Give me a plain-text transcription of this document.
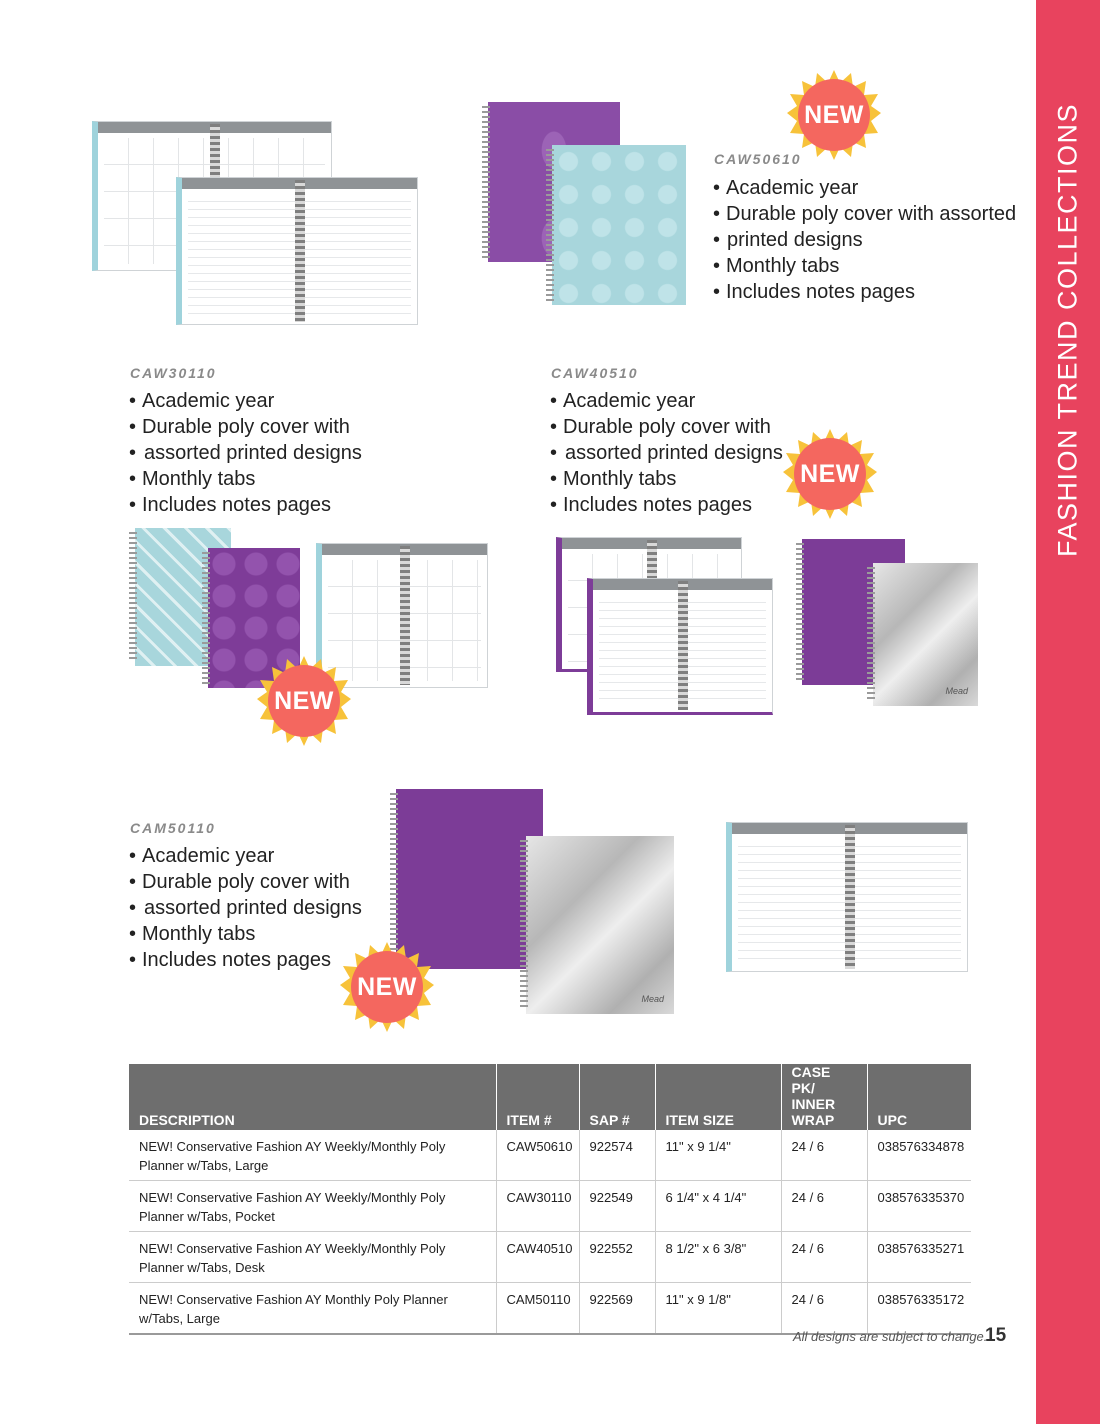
FASHION TREND COLLECTIONS
NEW
CAW50610
• Academic year
• Durable poly cover with assorted
• printed designs
• Monthly tabs
• Includes notes pages
CAW30110
• Academic year
• Durable poly cover with
• assorted printed designs
• Monthly tabs
• Includes notes pages
NEW
CAW40510
• Academic year
• Durable poly cover with
• assorted printed designs
• Monthly tabs
• Includes notes pages
NEW
Mead
CAM50110
• Academic year
• Durable poly cover with
• assorted printed designs
• Monthly tabs
• Includes notes pages
Mead
NEW
DESCRIPTION	ITEM #	SAP #	ITEM SIZE	CASE PK/ INNER WRAP	UPC
NEW! Conservative Fashion AY Weekly/Monthly Poly Planner w/Tabs, Large	CAW50610	922574	11" x 9 1/4"	24 / 6	038576334878
NEW! Conservative Fashion AY Weekly/Monthly Poly Planner w/Tabs, Pocket	CAW30110	922549	6 1/4" x 4 1/4"	24 / 6	038576335370
NEW! Conservative Fashion AY Weekly/Monthly Poly Planner w/Tabs, Desk	CAW40510	922552	8 1/2" x 6 3/8"	24 / 6	038576335271
NEW! Conservative Fashion AY Monthly Poly Planner w/Tabs, Large	CAM50110	922569	11" x 9 1/8"	24 / 6	038576335172
All designs are subject to change.
15
